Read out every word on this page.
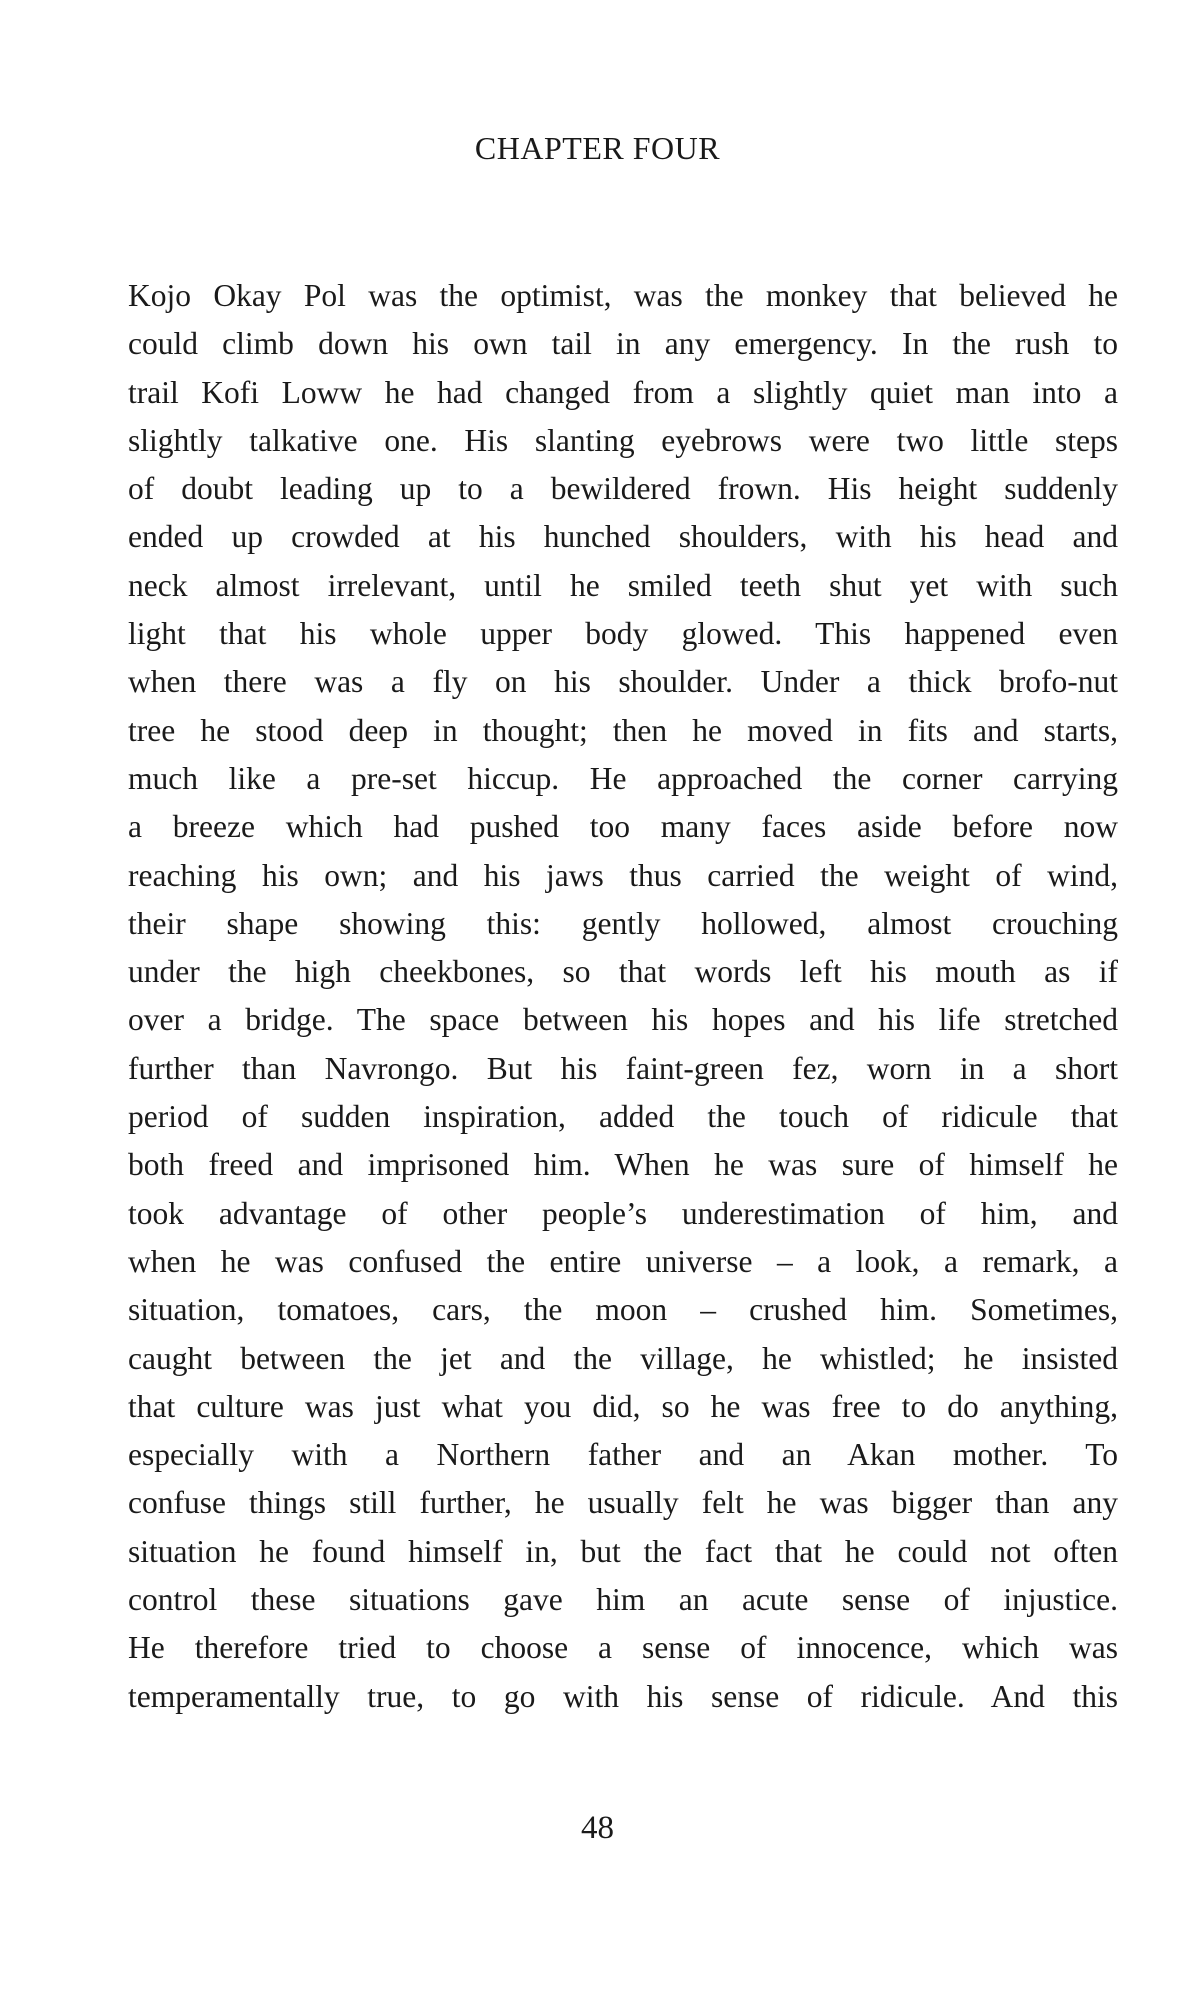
CHAPTER FOUR
Kojo Okay Pol was the optimist, was the monkey that believed he
could climb down his own tail in any emergency. In the rush to
trail Kofi Loww he had changed from a slightly quiet man into a
slightly talkative one. His slanting eyebrows were two little steps
of doubt leading up to a bewildered frown. His height suddenly
ended up crowded at his hunched shoulders, with his head and
neck almost irrelevant, until he smiled teeth shut yet with such
light that his whole upper body glowed. This happened even
when there was a fly on his shoulder. Under a thick brofo-nut
tree he stood deep in thought; then he moved in fits and starts,
much like a pre-set hiccup. He approached the corner carrying
a breeze which had pushed too many faces aside before now
reaching his own; and his jaws thus carried the weight of wind,
their shape showing this: gently hollowed, almost crouching
under the high cheekbones, so that words left his mouth as if
over a bridge. The space between his hopes and his life stretched
further than Navrongo. But his faint-green fez, worn in a short
period of sudden inspiration, added the touch of ridicule that
both freed and imprisoned him. When he was sure of himself he
took advantage of other people’s underestimation of him, and
when he was confused the entire universe – a look, a remark, a
situation, tomatoes, cars, the moon – crushed him. Sometimes,
caught between the jet and the village, he whistled; he insisted
that culture was just what you did, so he was free to do anything,
especially with a Northern father and an Akan mother. To
confuse things still further, he usually felt he was bigger than any
situation he found himself in, but the fact that he could not often
control these situations gave him an acute sense of injustice.
He therefore tried to choose a sense of innocence, which was
temperamentally true, to go with his sense of ridicule. And this
48
